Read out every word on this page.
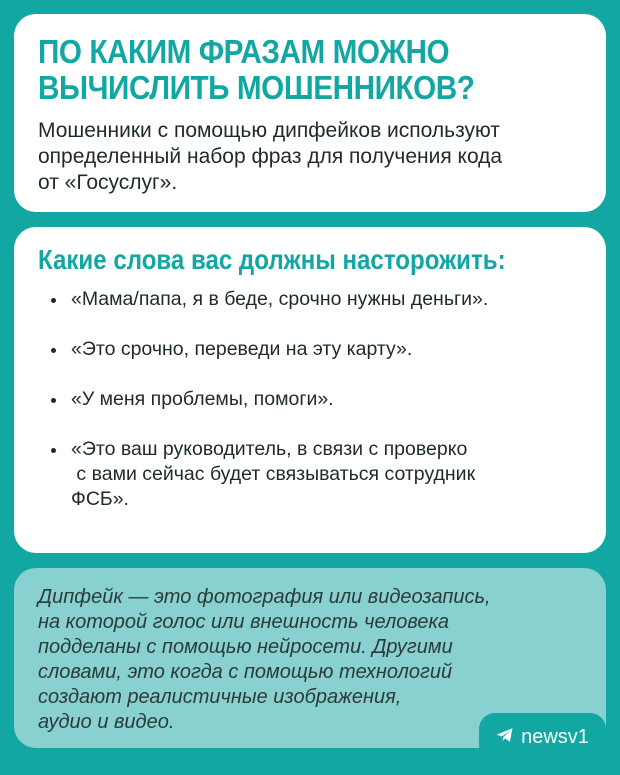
ПО КАКИМ ФРАЗАМ МОЖНО
ВЫЧИСЛИТЬ МОШЕННИКОВ?

Мошенники с помощью дипфейков используют
определенный набор фраз для получения кода
от «Госуслуг».

Какие слова вас должны насторожить:
«Мама/папа, я в беде, срочно нужны деньги».
«Это срочно, переведи на эту карту».
«У меня проблемы, помоги».
«Это ваш руководитель, в связи с проверко
с вами сейчас будет связываться сотрудник
ФСБ».

Дипфейк — это фотография или видеозапись,
на которой голос или внешность человека
подделаны с помощью нейросети. Другими
словами, это когда с помощью технологий
создают реалистичные изображения,
аудио и видео.

newsv1
